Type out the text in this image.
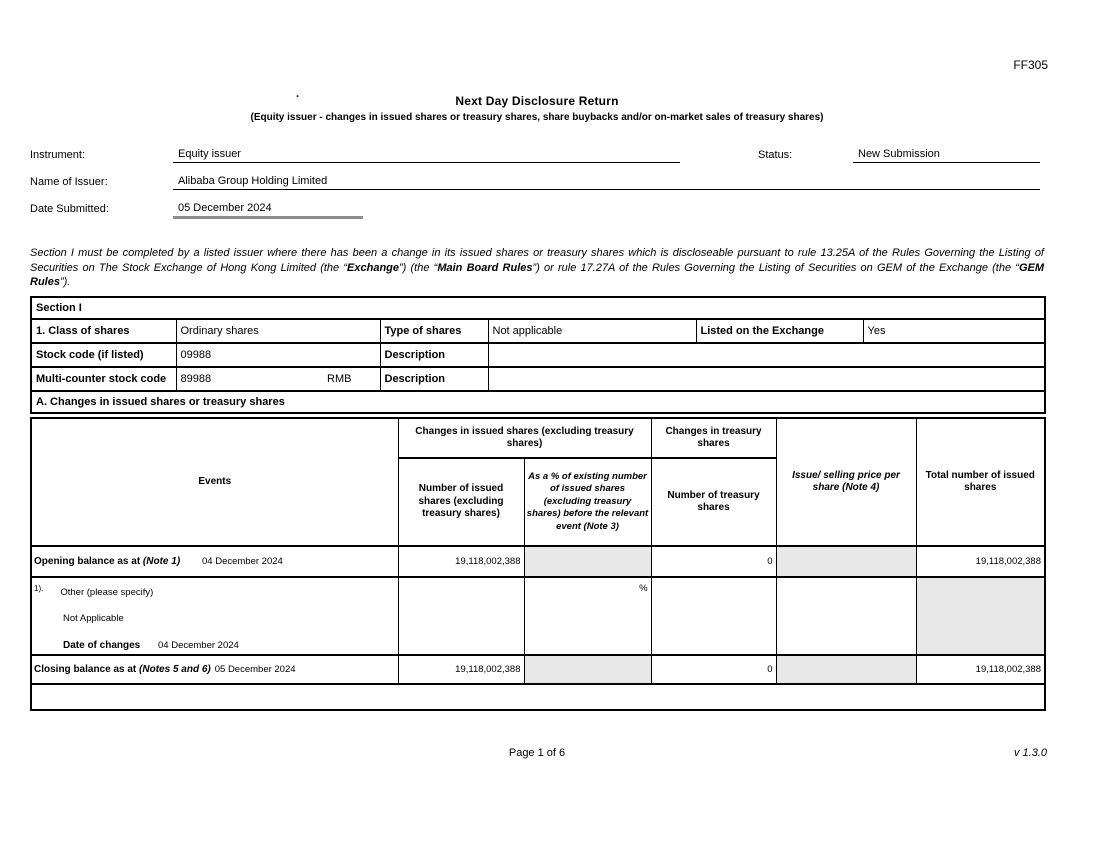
FF305
.	Next Day Disclosure Return
(Equity issuer - changes in issued shares or treasury shares, share buybacks and/or on-market sales of treasury shares)
Instrument:	Equity issuer	Status:	New Submission
Name of Issuer:	Alibaba Group Holding Limited
Date Submitted:	05 December 2024
Section I must be completed by a listed issuer where there has been a change in its issued shares or treasury shares which is discloseable pursuant to rule 13.25A of the Rules Governing the Listing of Securities on The Stock Exchange of Hong Kong Limited (the “Exchange”) (the “Main Board Rules”) or rule 17.27A of the Rules Governing the Listing of Securities on GEM of the Exchange (the “GEM Rules”).
Section I					
1. Class of shares	Ordinary shares	Type of shares	Not applicable	Listed on the Exchange	Yes
Stock code (if listed)	09988	Description			
Multi-counter stock code	89988 RMB	Description			
A. Changes in issued shares or treasury shares					
Events	Changes in issued shares (excluding treasury shares)		Changes in treasury shares	Issue/ selling price per share (Note 4)	Total number of issued shares
	Number of issued shares (excluding treasury shares)	As a % of existing number of issued shares (excluding treasury shares) before the relevant event (Note 3)	Number of treasury shares		
Opening balance as at (Note 1) 04 December 2024	19,118,002,388		0		19,118,002,388

$^{1).}$ Other (please specify)
Not Applicable
Date of changes 04 December 2024		%			
Closing balance as at (Notes 5 and 6) 05 December 2024	19,118,002,388		0		19,118,002,388

Page 1 of 6	v 1.3.0
